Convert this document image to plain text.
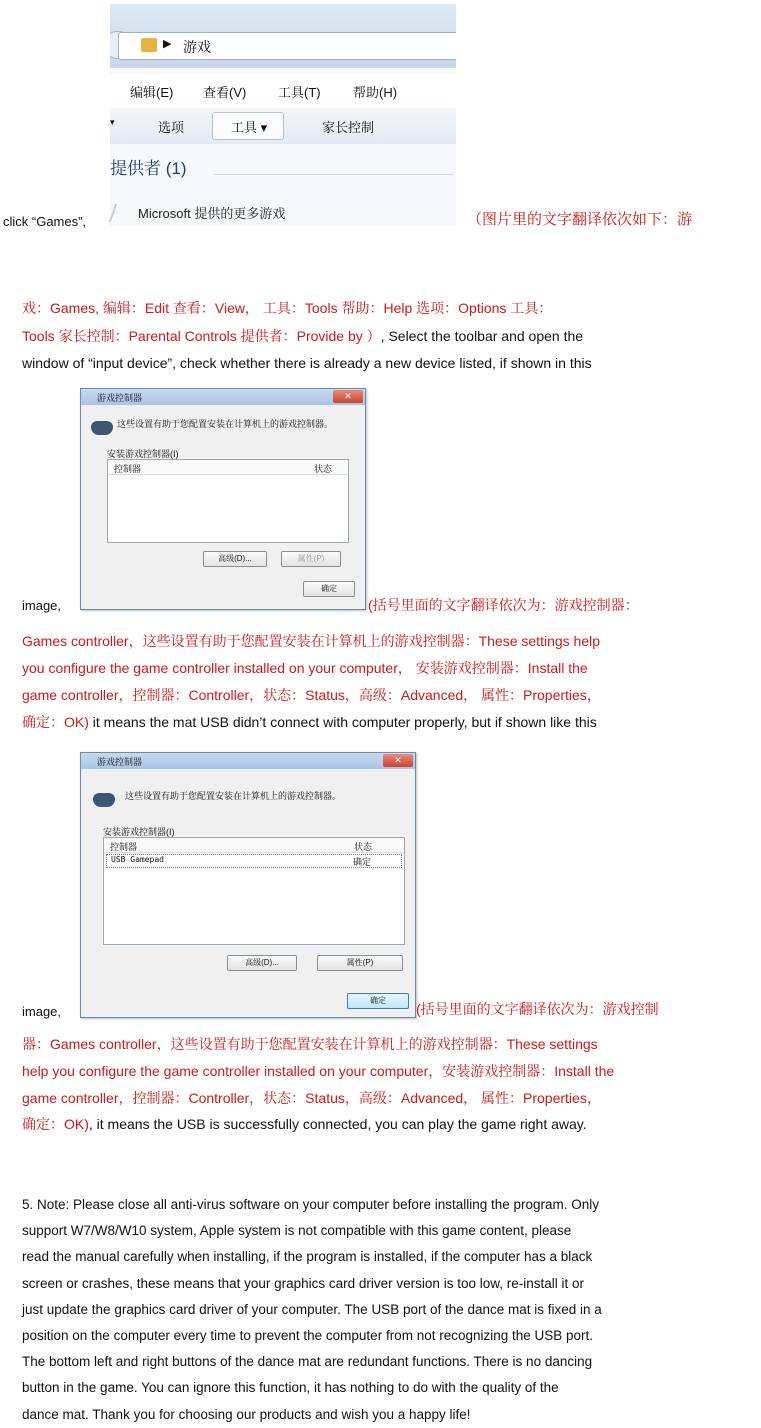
▶ 游戏
编辑(E) 查看(V) 工具(T) 帮助(H)
▾	选项	工具 ▾	家长控制
提供者 (1)
Microsoft 提供的更多游戏
click “Games”,	（图片里的文字翻译依次如下：游
戏：Games, 编辑：Edit 查看：View， 工具：Tools 帮助：Help 选项：Options 工具：
Tools 家长控制：Parental Controls 提供者：Provide by ）, Select the toolbar and open the
window of “input device”, check whether there is already a new device listed, if shown in this
游戏控制器	✕
这些设置有助于您配置安装在计算机上的游戏控制器。
安装游戏控制器(I)
控制器	状态
高级(D)...	属性(P)
确定
image,	(括号里面的文字翻译依次为：游戏控制器：
Games controller，这些设置有助于您配置安装在计算机上的游戏控制器：These settings help
you configure the game controller installed on your computer， 安装游戏控制器：Install the
game controller，控制器：Controller，状态：Status，高级：Advanced， 属性：Properties，
确定：OK) it means the mat USB didn’t connect with computer properly, but if shown like this
游戏控制器	✕
这些设置有助于您配置安装在计算机上的游戏控制器。
安装游戏控制器(I)
控制器	状态
USB Gamepad	确定
高级(D)...	属性(P)
确定
image,	(括号里面的文字翻译依次为：游戏控制
器：Games controller，这些设置有助于您配置安装在计算机上的游戏控制器：These settings
help you configure the game controller installed on your computer，安装游戏控制器：Install the
game controller，控制器：Controller，状态：Status，高级：Advanced， 属性：Properties，
确定：OK), it means the USB is successfully connected, you can play the game right away.
5. Note: Please close all anti-virus software on your computer before installing the program. Only
support W7/W8/W10 system, Apple system is not compatible with this game content, please
read the manual carefully when installing, if the program is installed, if the computer has a black
screen or crashes, these means that your graphics card driver version is too low, re-install it or
just update the graphics card driver of your computer. The USB port of the dance mat is fixed in a
position on the computer every time to prevent the computer from not recognizing the USB port.
The bottom left and right buttons of the dance mat are redundant functions. There is no dancing
button in the game. You can ignore this function, it has nothing to do with the quality of the
dance mat. Thank you for choosing our products and wish you a happy life!
